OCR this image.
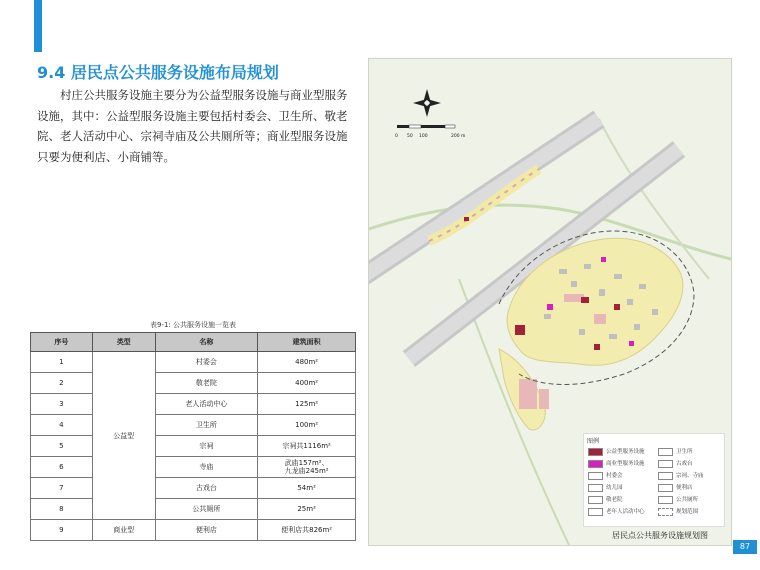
9.4 居民点公共服务设施布局规划
村庄公共服务设施主要分为公益型服务设施与商业型服务设施，其中：公益型服务设施主要包括村委会、卫生所、敬老院、老人活动中心、宗祠寺庙及公共厕所等；商业型服务设施只要为便利店、小商铺等。
表9-1: 公共服务设施一览表
序号	类型	名称	建筑面积
1	公益型	村委会	480m²
2		敬老院	400m²
3		老人活动中心	125m²
4		卫生所	100m²
5		宗祠	宗祠共1116m²
6		寺庙	武庙157m²、
九龙庙245m²
7		古戏台	54m²
8		公共厕所	25m²
9	商业型	便利店	便利店共826m²
0 50 100	200 m
图例
公益型服务设施	卫生所
商业型服务设施	古戏台
村委会	宗祠、寺庙
幼儿园	便利店
敬老院	公共厕所
老年人活动中心	规划范围
居民点公共服务设施规划图
87
